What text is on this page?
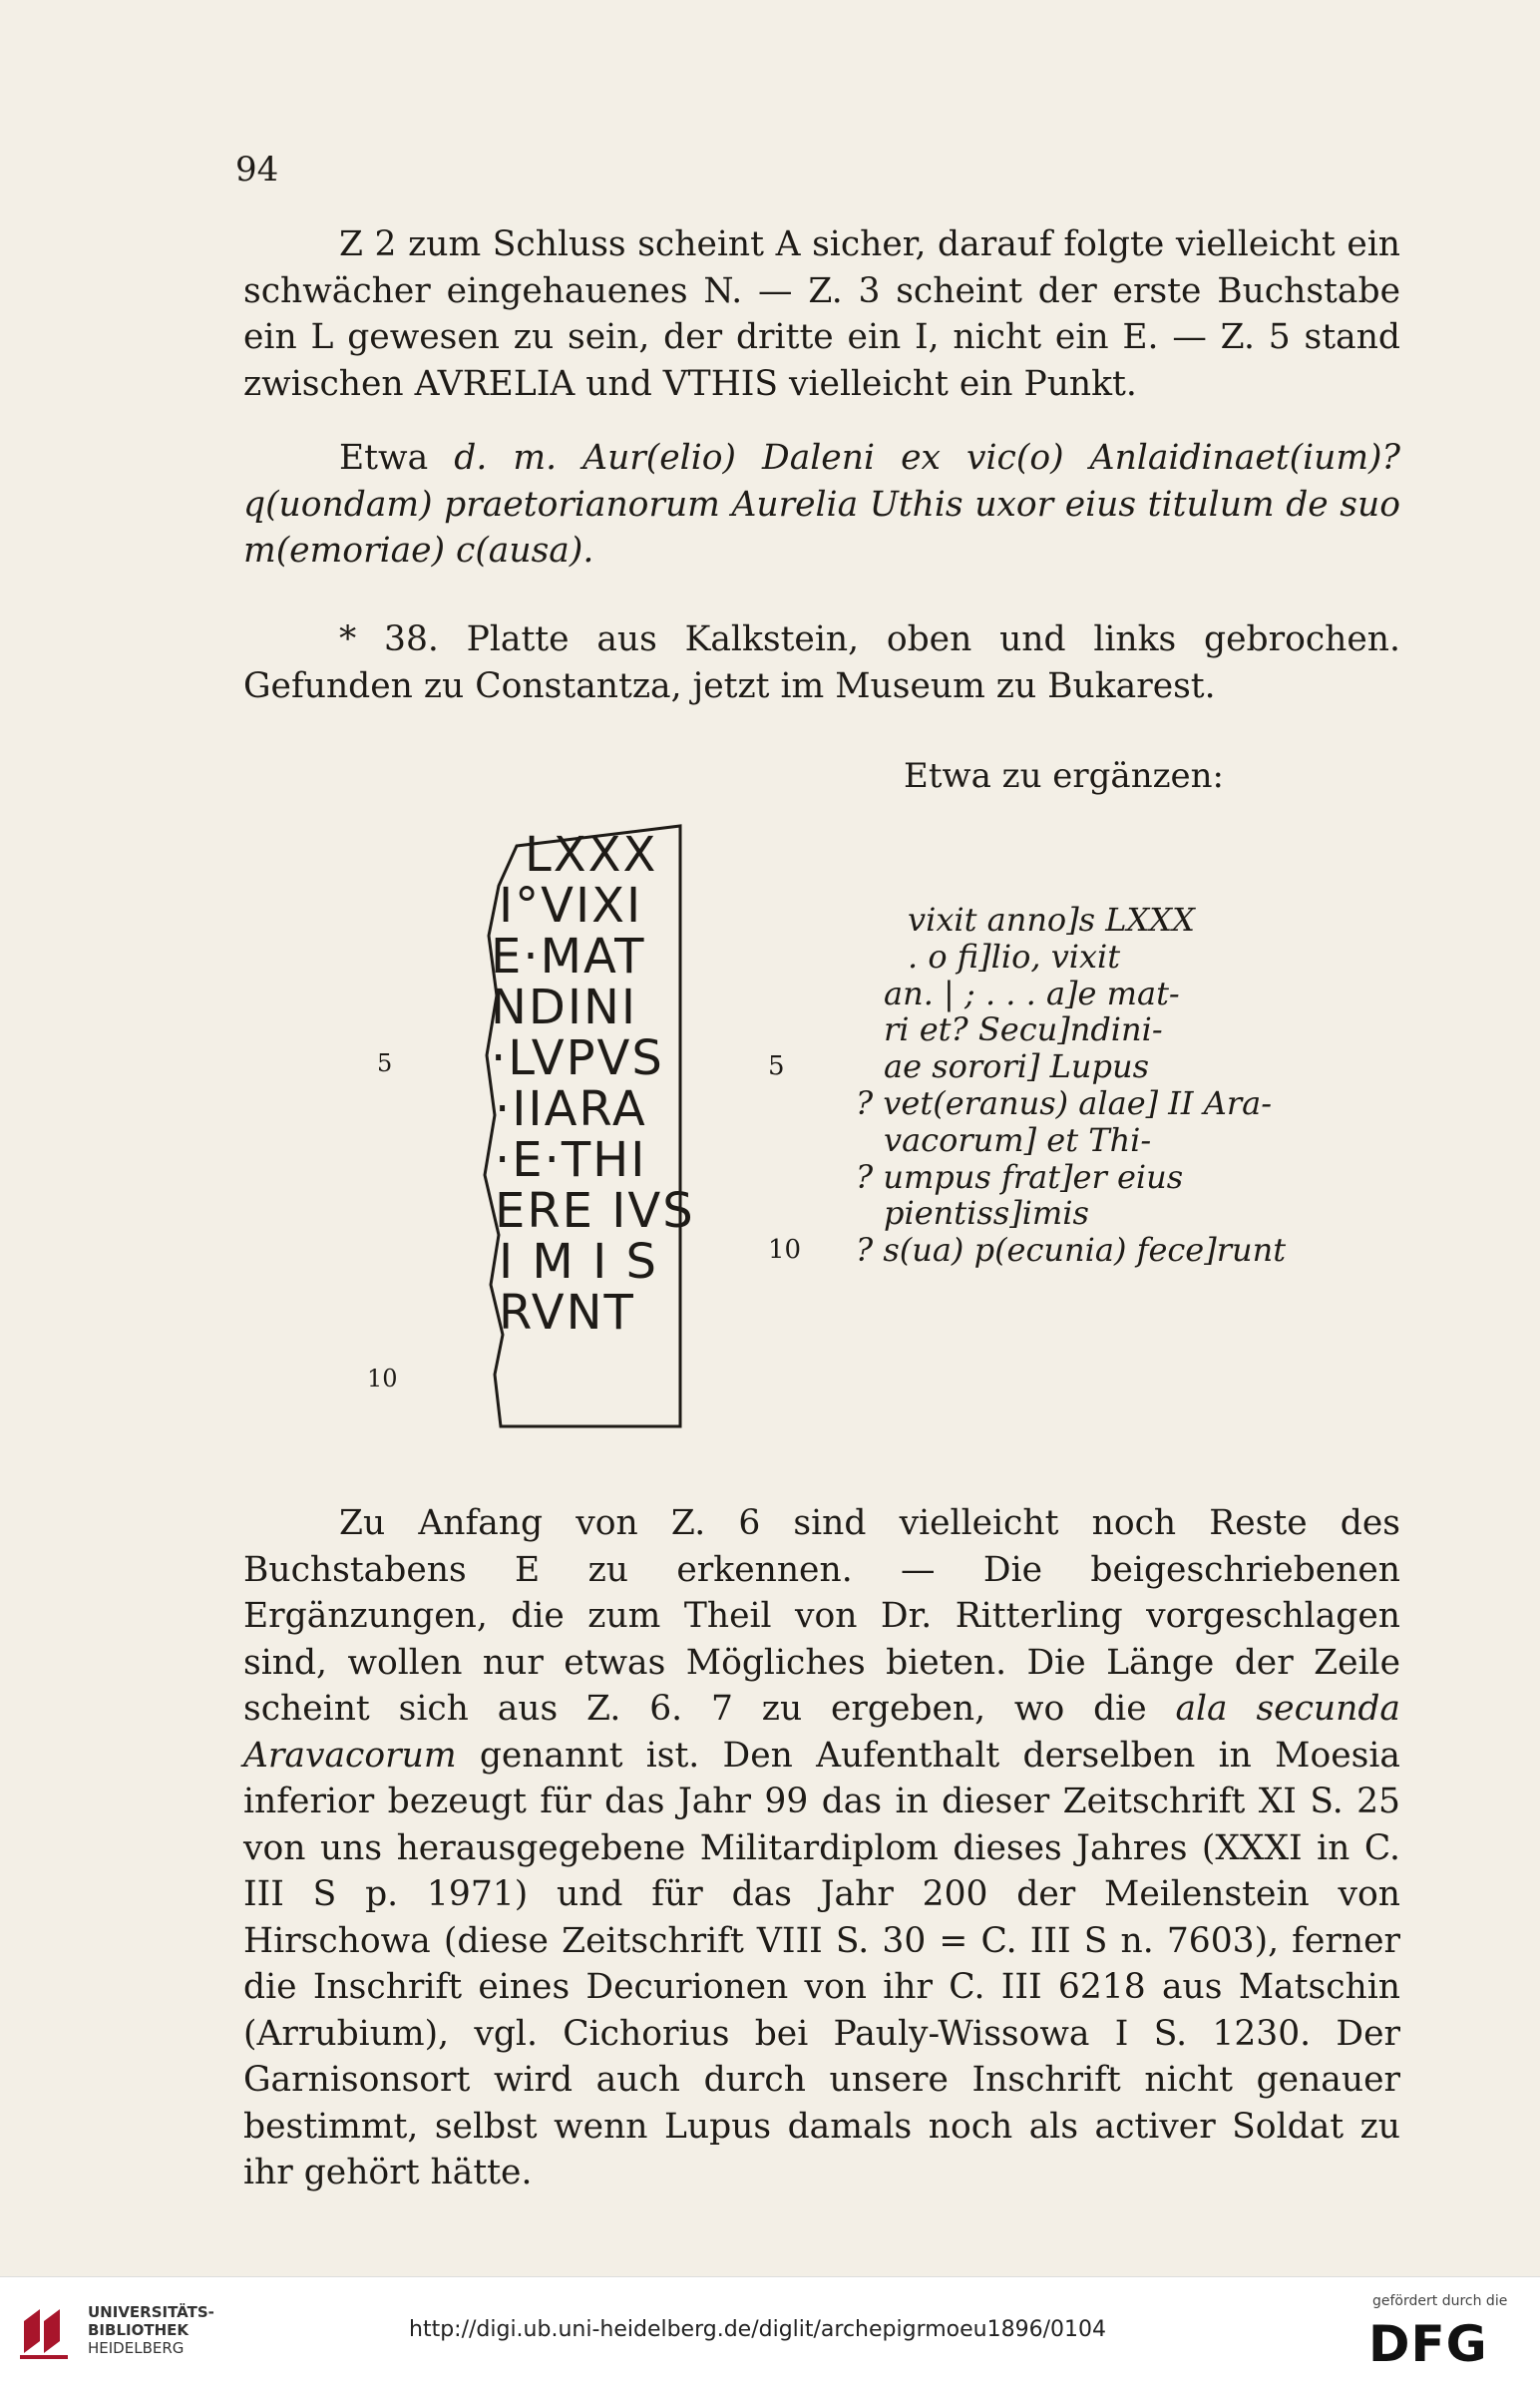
94

Z 2 zum Schluss scheint A sicher, darauf folgte vielleicht ein schwächer eingehauenes N. — Z. 3 scheint der erste Buchstabe ein L gewesen zu sein, der dritte ein I, nicht ein E. — Z. 5 stand zwischen AVRELIA und VTHIS vielleicht ein Punkt.

Etwa d. m. Aur(elio) Daleni ex vic(o) Anlaidinaet(ium)? q(uondam) praetorianorum Aurelia Uthis uxor eius titulum de suo m(emoriae) c(ausa).

* 38. Platte aus Kalkstein, oben und links gebrochen. Gefunden zu Constantza, jetzt im Museum zu Bukarest.

Etwa zu ergänzen:
LXXX
I°VIXI
E·MAT
NDINI
·LVPVS
·IIARA
·E·THI
ERE IVS
I M I S
RVNT
5
10
vixit anno]s LXXX
. o fi]lio, vixit
an. | ; . . . a]e mat-
ri et? Secu]ndini-
5	ae sorori] Lupus
? vet(eranus) alae] II Ara-
vacorum] et Thi-
? umpus frat]er eius
pientiss]imis
10 ? s(ua) p(ecunia) fece]runt

Zu Anfang von Z. 6 sind vielleicht noch Reste des Buchstabens E zu erkennen. — Die beigeschriebenen Ergänzungen, die zum Theil von Dr. Ritterling vorgeschlagen sind, wollen nur etwas Mögliches bieten. Die Länge der Zeile scheint sich aus Z. 6. 7 zu ergeben, wo die ala secunda Aravacorum genannt ist. Den Aufenthalt derselben in Moesia inferior bezeugt für das Jahr 99 das in dieser Zeitschrift XI S. 25 von uns herausgegebene Militardiplom dieses Jahres (XXXI in C. III S p. 1971) und für das Jahr 200 der Meilenstein von Hirschowa (diese Zeitschrift VIII S. 30 = C. III S n. 7603), ferner die Inschrift eines Decurionen von ihr C. III 6218 aus Matschin (Arrubium), vgl. Cichorius bei Pauly-Wissowa I S. 1230. Der Garnisonsort wird auch durch unsere Inschrift nicht genauer bestimmt, selbst wenn Lupus damals noch als activer Soldat zu ihr gehört hätte.

UNIVERSITÄTS-
BIBLIOTHEK
HEIDELBERG
http://digi.ub.uni-heidelberg.de/diglit/archepigrmoeu1896/0104
gefördert durch die
DFG
